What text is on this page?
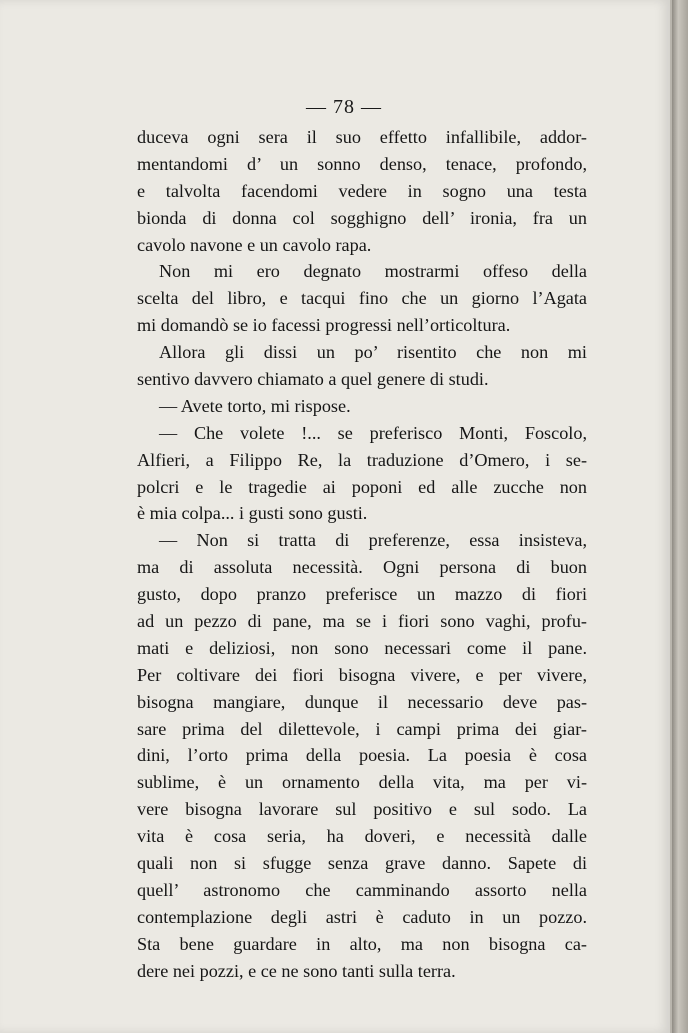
— 78 —
duceva ogni sera il suo effetto infallibile, addor-
mentandomi d’ un sonno denso, tenace, profondo,
e talvolta facendomi vedere in sogno una testa
bionda di donna col sogghigno dell’ ironia, fra un
cavolo navone e un cavolo rapa.
Non mi ero degnato mostrarmi offeso della
scelta del libro, e tacqui fino che un giorno l’Agata
mi domandò se io facessi progressi nell’orticoltura.
Allora gli dissi un po’ risentito che non mi
sentivo davvero chiamato a quel genere di studi.
— Avete torto, mi rispose.
— Che volete !... se preferisco Monti, Foscolo,
Alfieri, a Filippo Re, la traduzione d’Omero, i se-
polcri e le tragedie ai poponi ed alle zucche non
è mia colpa... i gusti sono gusti.
— Non si tratta di preferenze, essa insisteva,
ma di assoluta necessità. Ogni persona di buon
gusto, dopo pranzo preferisce un mazzo di fiori
ad un pezzo di pane, ma se i fiori sono vaghi, profu-
mati e deliziosi, non sono necessari come il pane.
Per coltivare dei fiori bisogna vivere, e per vivere,
bisogna mangiare, dunque il necessario deve pas-
sare prima del dilettevole, i campi prima dei giar-
dini, l’orto prima della poesia. La poesia è cosa
sublime, è un ornamento della vita, ma per vi-
vere bisogna lavorare sul positivo e sul sodo. La
vita è cosa seria, ha doveri, e necessità dalle
quali non si sfugge senza grave danno. Sapete di
quell’ astronomo che camminando assorto nella
contemplazione degli astri è caduto in un pozzo.
Sta bene guardare in alto, ma non bisogna ca-
dere nei pozzi, e ce ne sono tanti sulla terra.
